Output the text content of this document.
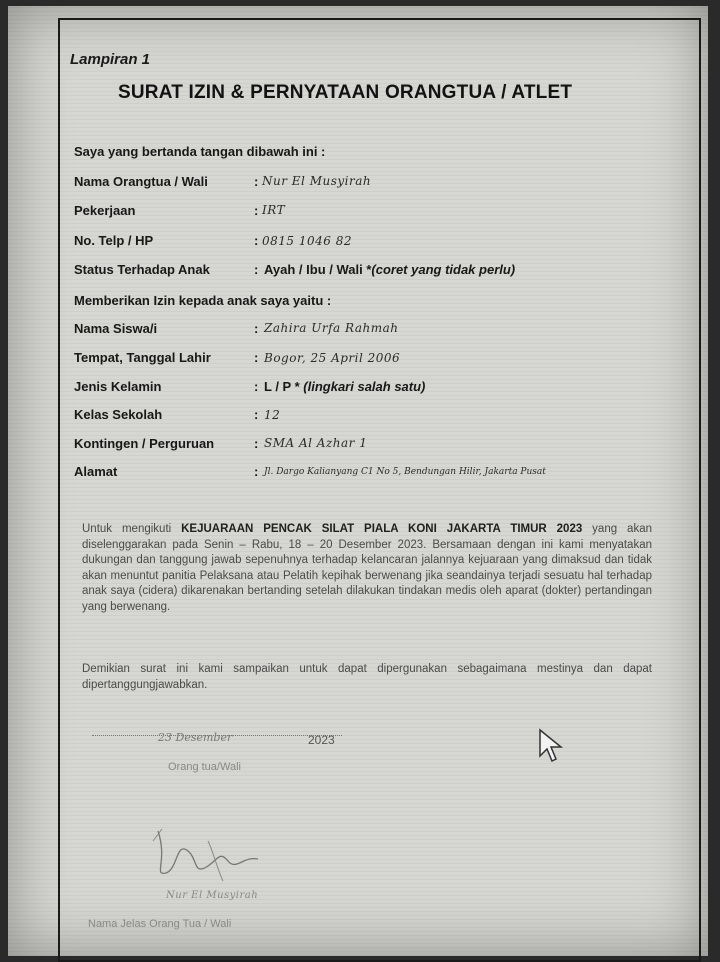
Lampiran 1
SURAT IZIN & PERNYATAAN ORANGTUA / ATLET
Saya yang bertanda tangan dibawah ini :
Nama Orangtua / Wali	: Nur El Musyirah
Pekerjaan	: IRT
No. Telp / HP	: 0815 1046 82
Status Terhadap Anak	: Ayah / Ibu / Wali *(coret yang tidak perlu)
Memberikan Izin kepada anak saya yaitu :
Nama Siswa/i	: Zahira Urfa Rahmah
Tempat, Tanggal Lahir	: Bogor, 25 April 2006
Jenis Kelamin	: L / P * (lingkari salah satu)
Kelas Sekolah	: 12
Kontingen / Perguruan	: SMA Al Azhar 1
Alamat	: Jl. Dargo Kalianyang C1 No 5, Bendungan Hilir, Jakarta Pusat
Untuk mengikuti KEJUARAAN PENCAK SILAT PIALA KONI JAKARTA TIMUR 2023 yang akan diselenggarakan pada Senin – Rabu, 18 – 20 Desember 2023. Bersamaan dengan ini kami menyatakan dukungan dan tanggung jawab sepenuhnya terhadap kelancaran jalannya kejuaraan yang dimaksud dan tidak akan menuntut panitia Pelaksana atau Pelatih kepihak berwenang jika seandainya terjadi sesuatu hal terhadap anak saya (cidera) dikarenakan bertanding setelah dilakukan tindakan medis oleh aparat (dokter) pertandingan yang berwenang.
Demikian surat ini kami sampaikan untuk dapat dipergunakan sebagaimana mestinya dan dapat dipertanggungjawabkan.
23 Desember	2023
Orang tua/Wali
Nur El Musyirah
Nama Jelas Orang Tua / Wali
